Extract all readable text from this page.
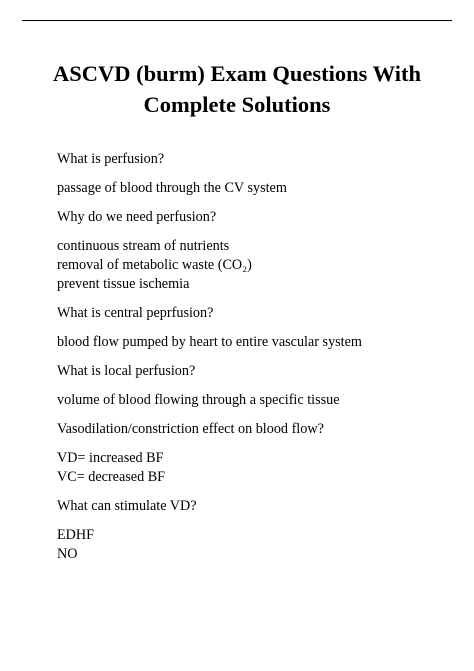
ASCVD (burm) Exam Questions With
Complete Solutions
What is perfusion?
passage of blood through the CV system
Why do we need perfusion?
continuous stream of nutrients
removal of metabolic waste (CO₂)
prevent tissue ischemia
What is central peprfusion?
blood flow pumped by heart to entire vascular system
What is local perfusion?
volume of blood flowing through a specific tissue
Vasodilation/constriction effect on blood flow?
VD= increased BF
VC= decreased BF
What can stimulate VD?
EDHF
NO
